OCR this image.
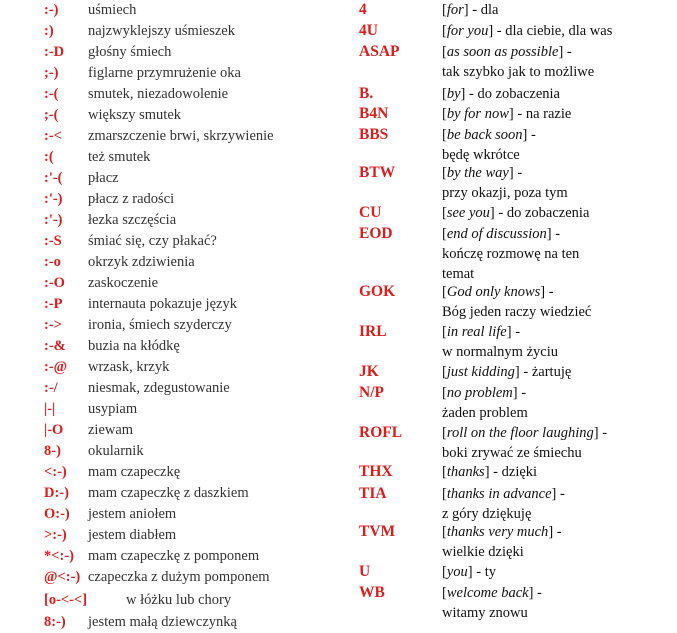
:-) uśmiech
:) najzwyklejszy uśmieszek
:-D głośny śmiech
;-) figlarne przymrużenie oka
:-( smutek, niezadowolenie
;-( większy smutek
:-< zmarszczenie brwi, skrzywienie
:( też smutek
:'-( płacz
:'-) płacz z radości
:'-) łezka szczęścia
:-S śmiać się, czy płakać?
:-o okrzyk zdziwienia
:-O zaskoczenie
:-P internauta pokazuje język
:-> ironia, śmiech szyderczy
:-& buzia na kłódkę
:-@ wrzask, krzyk
:-/ niesmak, zdegustowanie
|-| usypiam
|-O ziewam
8-) okularnik
<:-) mam czapeczkę
D:-) mam czapeczkę z daszkiem
O:-) jestem aniołem
>:-) jestem diabłem
*<:-) mam czapeczkę z pomponem
@<:-) czapeczka z dużym pomponem
[o-<-<]	w łóżku lub chory
8:-) jestem małą dziewczynką
4	[for] - dla
4U	[for you] - dla ciebie, dla was
ASAP	[as soon as possible] -
tak szybko jak to możliwe
B.	[by] - do zobaczenia
B4N	[by for now] - na razie
BBS	[be back soon] -
będę wkrótce
BTW	[by the way] -
przy okazji, poza tym
CU	[see you] - do zobaczenia
EOD	[end of discussion] -
kończę rozmowę na ten
temat
GOK	[God only knows] -
Bóg jeden raczy wiedzieć
IRL	[in real life] -
w normalnym życiu
JK	[just kidding] - żartuję
N/P	[no problem] -
żaden problem
ROFL	[roll on the floor laughing] -
boki zrywać ze śmiechu
THX	[thanks] - dzięki
TIA	[thanks in advance] -
z góry dziękuję
TVM	[thanks very much] -
wielkie dzięki
U	[you] - ty
WB	[welcome back] -
witamy znowu
